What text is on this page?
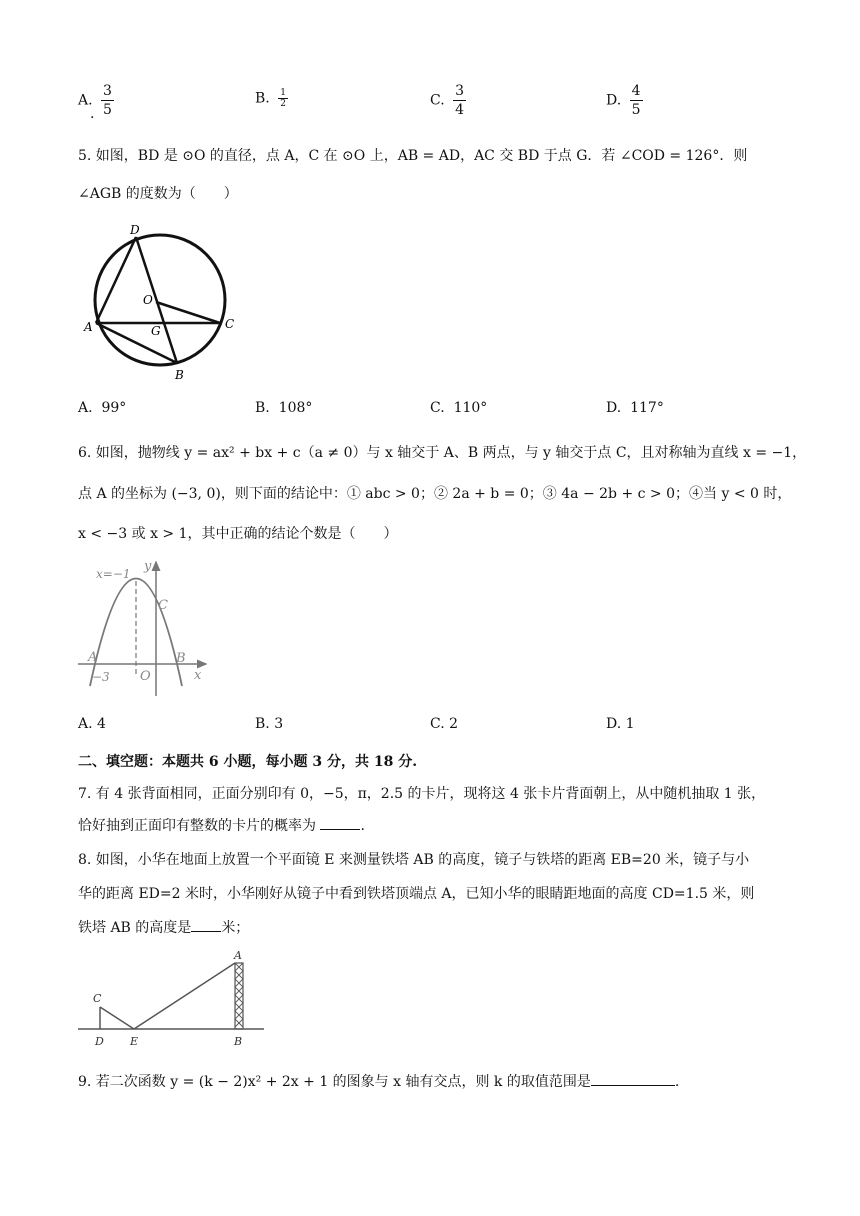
A. $\frac{3}{5}$
.
B. $\frac{1}{2}$	C. $\frac{3}{4}$	D. $\frac{4}{5}$
5. 如图，BD 是 ⊙O 的直径，点 A，C 在 ⊙O 上，AB = AD，AC 交 BD 于点 G．若 ∠COD = 126°．则
∠AGB 的度数为（　　）
D
O
A	G	C
B
A. 99°	B. 108°	C. 110°	D. 117°
6. 如图，抛物线 y = ax² + bx + c（a ≠ 0）与 x 轴交于 A、B 两点，与 y 轴交于点 C，且对称轴为直线 x = −1，
点 A 的坐标为 (−3, 0)，则下面的结论中：① abc > 0；② 2a + b = 0；③ 4a − 2b + c > 0；④当 y < 0 时，
x < −3 或 x > 1，其中正确的结论个数是（　　）
x=−1 y
C
A	B
−3 O	x
A. 4	B. 3	C. 2	D. 1
二、填空题：本题共 6 小题，每小题 3 分，共 18 分.
7. 有 4 张背面相同，正面分别印有 0，−5，π，2.5 的卡片，现将这 4 张卡片背面朝上，从中随机抽取 1 张，
恰好抽到正面印有整数的卡片的概率为	.
8. 如图，小华在地面上放置一个平面镜 E 来测量铁塔 AB 的高度，镜子与铁塔的距离 EB=20 米，镜子与小
华的距离 ED=2 米时，小华刚好从镜子中看到铁塔顶端点 A，已知小华的眼睛距地面的高度 CD=1.5 米，则
铁塔 AB 的高度是 米；
A
C
D E	B
9. 若二次函数 y = (k − 2)x² + 2x + 1 的图象与 x 轴有交点，则 k 的取值范围是	.
